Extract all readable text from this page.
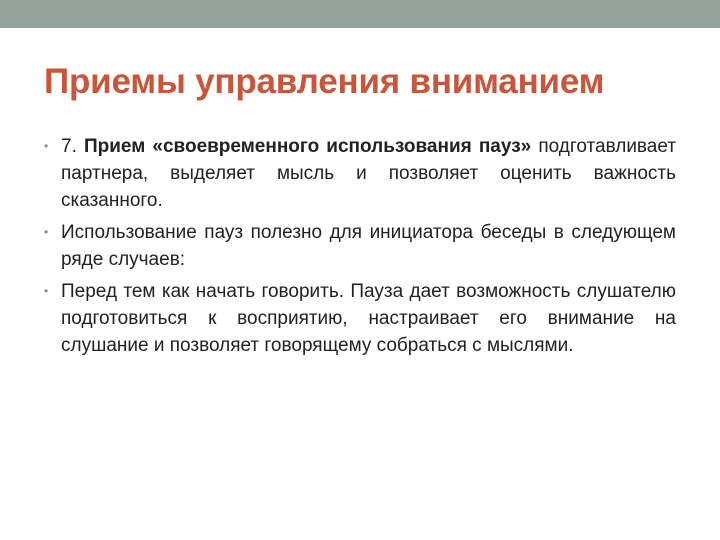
Приемы управления вниманием
• 7. Прием «своевременного использования пауз» подготавливает партнера, выделяет мысль и позволяет оценить важность сказанного.
• Использование пауз полезно для инициатора беседы в следующем ряде случаев:
• Перед тем как начать говорить. Пауза дает возможность слушателю подготовиться к восприятию, настраивает его внимание на слушание и позволяет говорящему собраться с мыслями.
